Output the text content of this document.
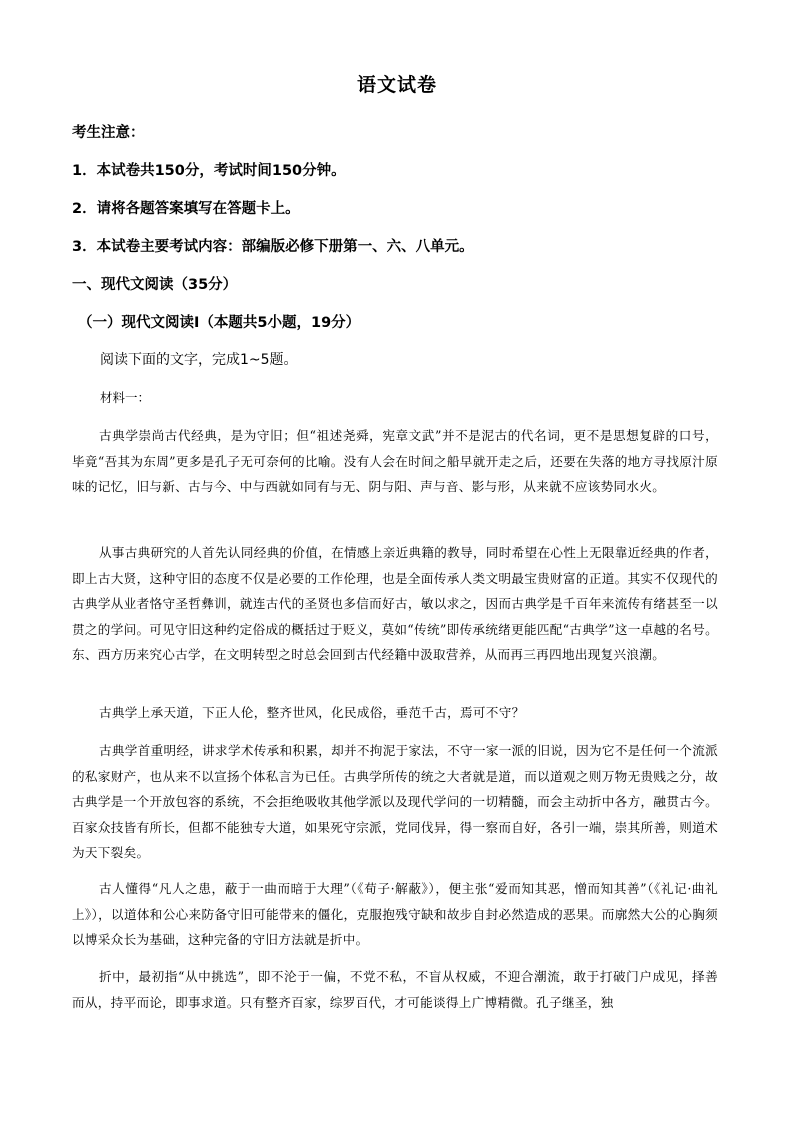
语文试卷
考生注意：
1．本试卷共150分，考试时间150分钟。
2．请将各题答案填写在答题卡上。
3．本试卷主要考试内容：部编版必修下册第一、六、八单元。
一、现代文阅读（35分）
（一）现代文阅读Ⅰ（本题共5小题，19分）
阅读下面的文字，完成1~5题。
材料一：
古典学崇尚古代经典，是为守旧；但“祖述尧舜，宪章文武”并不是泥古的代名词，更不是思想复辟的口号，毕竟“吾其为东周”更多是孔子无可奈何的比喻。没有人会在时间之船早就开走之后，还要在失落的地方寻找原汁原味的记忆，旧与新、古与今、中与西就如同有与无、阴与阳、声与音、影与形，从来就不应该势同水火。
从事古典研究的人首先认同经典的价值，在情感上亲近典籍的教导，同时希望在心性上无限靠近经典的作者，即上古大贤，这种守旧的态度不仅是必要的工作伦理，也是全面传承人类文明最宝贵财富的正道。其实不仅现代的古典学从业者恪守圣哲彝训，就连古代的圣贤也多信而好古，敏以求之，因而古典学是千百年来流传有绪甚至一以贯之的学问。可见守旧这种约定俗成的概括过于贬义，莫如“传统”即传承统绪更能匹配“古典学”这一卓越的名号。东、西方历来究心古学，在文明转型之时总会回到古代经籍中汲取营养，从而再三再四地出现复兴浪潮。
古典学上承天道，下正人伦，整齐世风，化民成俗，垂范千古，焉可不守？
古典学首重明经，讲求学术传承和积累，却并不拘泥于家法，不守一家一派的旧说，因为它不是任何一个流派的私家财产，也从来不以宣扬个体私言为已任。古典学所传的统之大者就是道，而以道观之则万物无贵贱之分，故古典学是一个开放包容的系统，不会拒绝吸收其他学派以及现代学问的一切精髓，而会主动折中各方，融贯古今。百家众技皆有所长，但都不能独专大道，如果死守宗派，党同伐异，得一察而自好，各引一端，崇其所善，则道术为天下裂矣。
古人懂得“凡人之患，蔽于一曲而暗于大理”（《荀子·解蔽》），便主张“爱而知其恶，憎而知其善”（《礼记·曲礼上》），以道体和公心来防备守旧可能带来的僵化，克服抱残守缺和故步自封必然造成的恶果。而廓然大公的心胸须以博采众长为基础，这种完备的守旧方法就是折中。
折中，最初指“从中挑选”，即不沦于一偏，不党不私，不盲从权威，不迎合潮流，敢于打破门户成见，择善而从，持平而论，即事求道。只有整齐百家，综罗百代，才可能谈得上广博精微。孔子继圣，独
